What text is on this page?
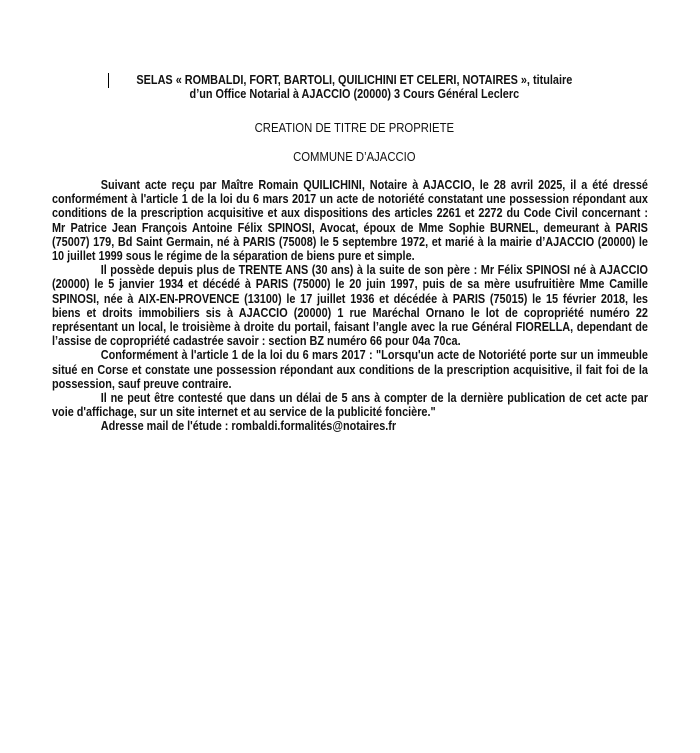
SELAS « ROMBALDI, FORT, BARTOLI, QUILICHINI ET CELERI, NOTAIRES », titulaire
d’un Office Notarial à AJACCIO (20000) 3 Cours Général Leclerc
CREATION DE TITRE DE PROPRIETE
COMMUNE D’AJACCIO

Suivant acte reçu par Maître Romain QUILICHINI, Notaire à AJACCIO, le 28 avril 2025, il a été dressé conformément à l'article 1 de la loi du 6 mars 2017 un acte de notoriété constatant une possession répondant aux conditions de la prescription acquisitive et aux dispositions des articles 2261 et 2272 du Code Civil concernant : Mr Patrice Jean François Antoine Félix SPINOSI, Avocat, époux de Mme Sophie BURNEL, demeurant à PARIS (75007) 179, Bd Saint Germain, né à PARIS (75008) le 5 septembre 1972, et marié à la mairie d’AJACCIO (20000) le 10 juillet 1999 sous le régime de la séparation de biens pure et simple.

Il possède depuis plus de TRENTE ANS (30 ans) à la suite de son père : Mr Félix SPINOSI né à AJACCIO (20000) le 5 janvier 1934 et décédé à PARIS (75000) le 20 juin 1997, puis de sa mère usufruitière Mme Camille SPINOSI, née à AIX-EN-PROVENCE (13100) le 17 juillet 1936 et décédée à PARIS (75015) le 15 février 2018, les biens et droits immobiliers sis à AJACCIO (20000) 1 rue Maréchal Ornano le lot de copropriété numéro 22 représentant un local, le troisième à droite du portail, faisant l’angle avec la rue Général FIORELLA, dependant de l’assise de copropriété cadastrée savoir : section BZ numéro 66 pour 04a 70ca.

Conformément à l'article 1 de la loi du 6 mars 2017 : "Lorsqu'un acte de Notoriété porte sur un immeuble situé en Corse et constate une possession répondant aux conditions de la prescription acquisitive, il fait foi de la possession, sauf preuve contraire.

Il ne peut être contesté que dans un délai de 5 ans à compter de la dernière publication de cet acte par voie d'affichage, sur un site internet et au service de la publicité foncière."

Adresse mail de l'étude : rombaldi.formalités@notaires.fr
